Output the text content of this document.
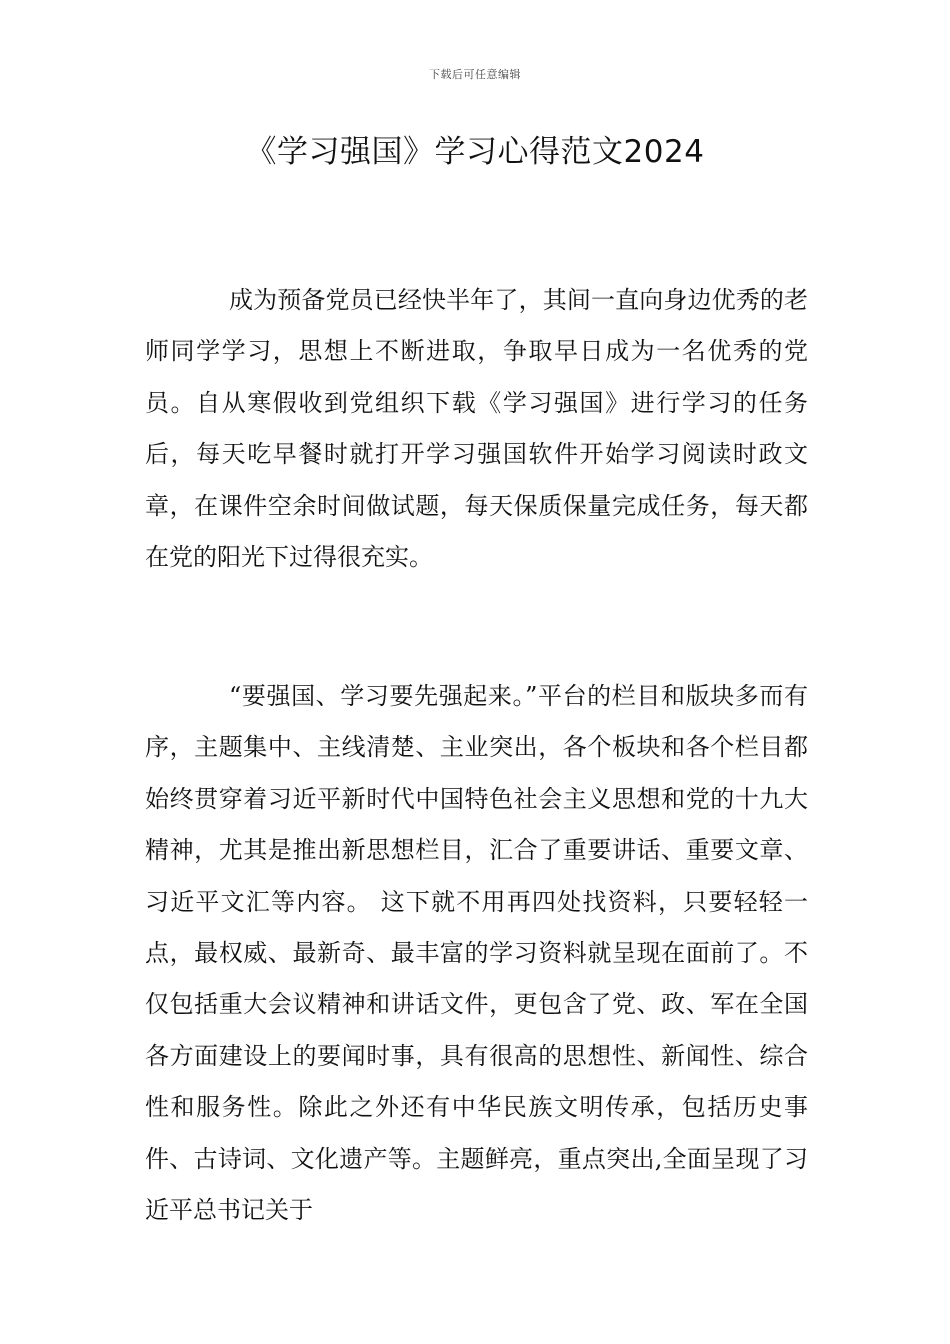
下载后可任意编辑
《学习强国》学习心得范文2024

成为预备党员已经快半年了，其间一直向身边优秀的老师同学学习，思想上不断进取，争取早日成为一名优秀的党员。自从寒假收到党组织下载《学习强国》进行学习的任务后，每天吃早餐时就打开学习强国软件开始学习阅读时政文章，在课件空余时间做试题，每天保质保量完成任务，每天都在党的阳光下过得很充实。

“要强国、学习要先强起来。”平台的栏目和版块多而有序，主题集中、主线清楚、主业突出，各个板块和各个栏目都始终贯穿着习近平新时代中国特色社会主义思想和党的十九大精神，尤其是推出新思想栏目，汇合了重要讲话、重要文章、习近平文汇等内容。 这下就不用再四处找资料，只要轻轻一点，最权威、最新奇、最丰富的学习资料就呈现在面前了。不仅包括重大会议精神和讲话文件，更包含了党、政、军在全国各方面建设上的要闻时事，具有很高的思想性、新闻性、综合性和服务性。除此之外还有中华民族文明传承，包括历史事件、古诗词、文化遗产等。主题鲜亮，重点突出,全面呈现了习近平总书记关于
